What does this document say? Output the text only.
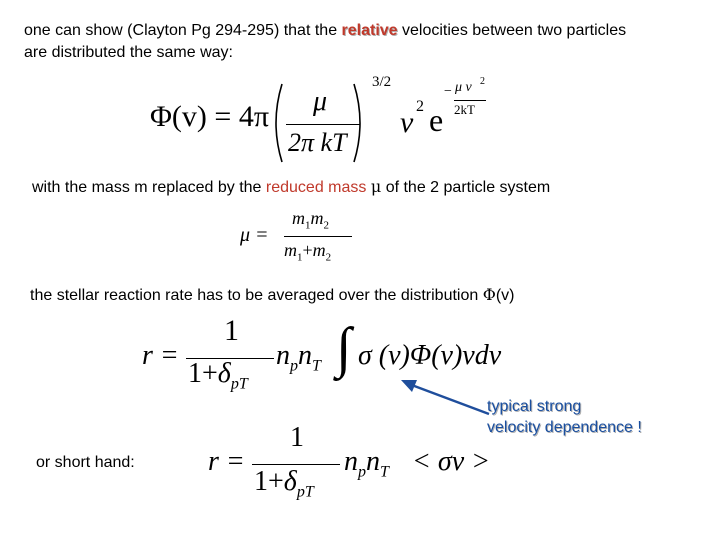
one can show (Clayton Pg 294-295) that the relative velocities between two particles
are distributed the same way:
Φ(v) = 4π μ
2π kT
3/2
v 2 e
− μ v 2
2kT
with the mass m replaced by the reduced mass μ of the 2 particle system
μ =
$m_1m_2$
$m_1+m_2$
the stellar reaction rate has to be averaged over the distribution Φ(v)
r =
1
$1+\delta_{pT}$
$n_pn_T$ ∫ σ (v)Φ(v)vdv
typical strong
velocity dependence !
or short hand:	r =
1
$1+\delta_{pT}$
$n_pn_T < \sigma v$ >
